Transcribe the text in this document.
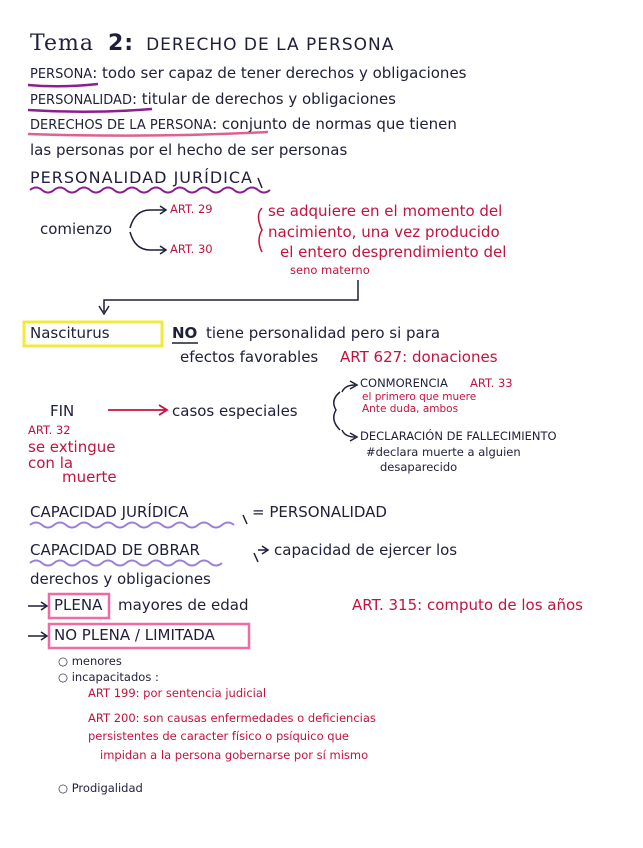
Tema 2: DERECHO DE LA PERSONA
PERSONA: todo ser capaz de tener derechos y obligaciones
PERSONALIDAD: titular de derechos y obligaciones
DERECHOS DE LA PERSONA: conjunto de normas que tienen
las personas por el hecho de ser personas
PERSONALIDAD JURÍDICA
comienzo
ART. 29
ART. 30
se adquiere en el momento del
nacimiento, una vez producido
el entero desprendimiento del
seno materno
Nasciturus	NO tiene personalidad pero si para
efectos favorables ART 627: donaciones
FIN	casos especiales
ART. 32
se extingue
con la
muerte
CONMORENCIA ART. 33
el primero que muere
Ante duda, ambos
DECLARACIÓN DE FALLECIMIENTO
#declara muerte a alguien
desaparecido
CAPACIDAD JURÍDICA	= PERSONALIDAD
CAPACIDAD DE OBRAR	capacidad de ejercer los
derechos y obligaciones
PLENA mayores de edad	ART. 315: computo de los años
NO PLENA / LIMITADA
○ menores
○ incapacitados :
ART 199: por sentencia judicial
ART 200: son causas enfermedades o deficiencias
persistentes de caracter físico o psíquico que
impidan a la persona gobernarse por sí mismo
○ Prodigalidad
